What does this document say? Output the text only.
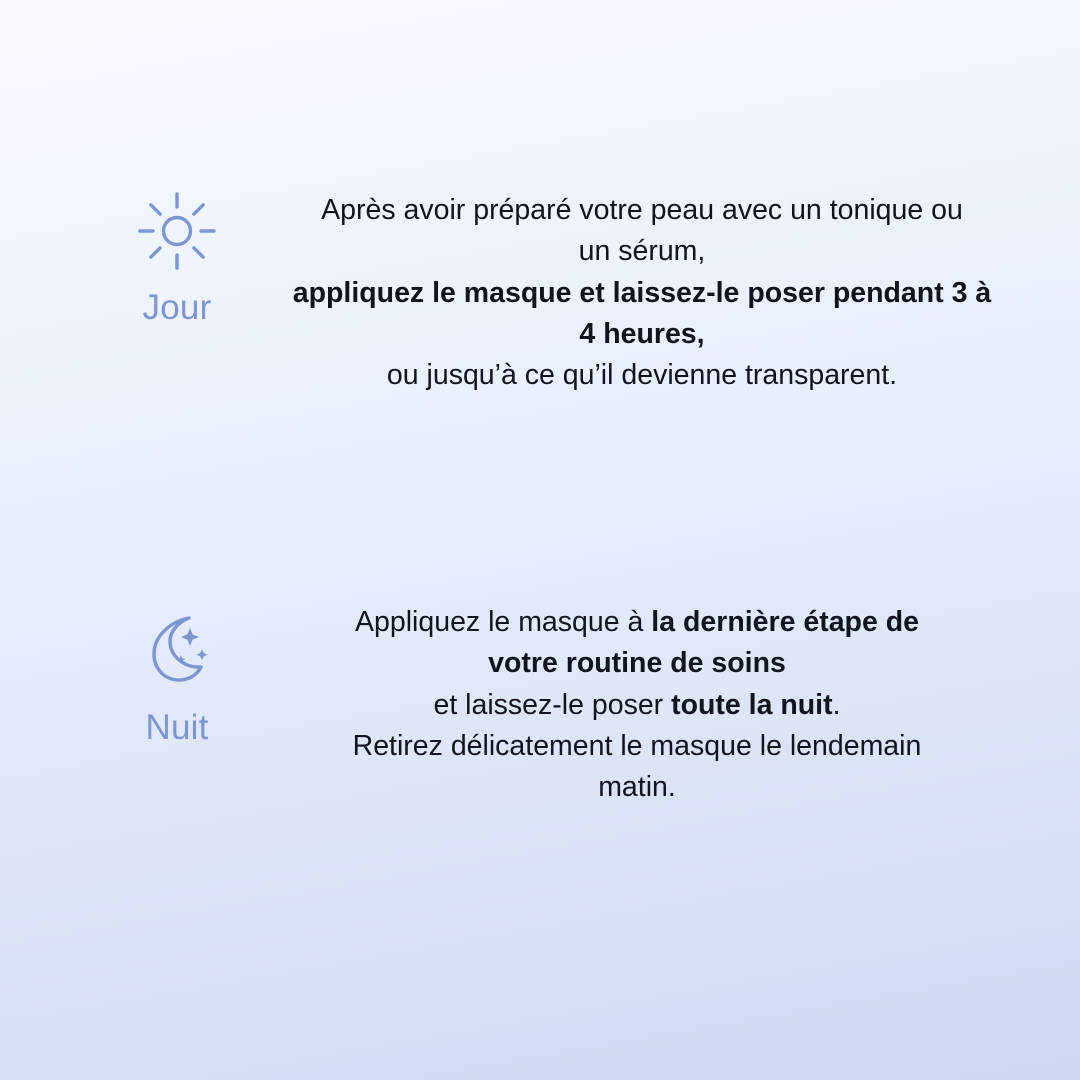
Jour
Après avoir préparé votre peau avec un tonique ou
un sérum,
appliquez le masque et laissez-le poser pendant 3 à
4 heures,
ou jusqu’à ce qu’il devienne transparent.
Nuit
Appliquez le masque à la dernière étape de
votre routine de soins
et laissez-le poser toute la nuit.
Retirez délicatement le masque le lendemain
matin.
